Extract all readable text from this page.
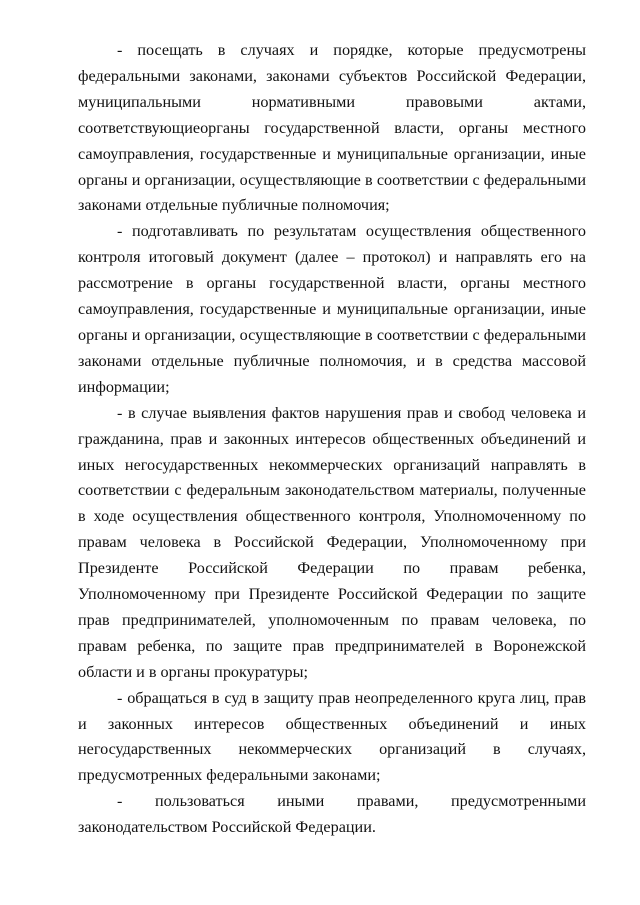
- посещать в случаях и порядке, которые предусмотрены федеральными законами, законами субъектов Российской Федерации, муниципальными нормативными правовыми актами, соответствующиеорганы государственной власти, органы местного самоуправления, государственные и муниципальные организации, иные органы и организации, осуществляющие в соответствии с федеральными законами отдельные публичные полномочия;

- подготавливать по результатам осуществления общественного контроля итоговый документ (далее – протокол) и направлять его на рассмотрение в органы государственной власти, органы местного самоуправления, государственные и муниципальные организации, иные органы и организации, осуществляющие в соответствии с федеральными законами отдельные публичные полномочия, и в средства массовой информации;

- в случае выявления фактов нарушения прав и свобод человека и гражданина, прав и законных интересов общественных объединений и иных негосударственных некоммерческих организаций направлять в соответствии с федеральным законодательством материалы, полученные в ходе осуществления общественного контроля, Уполномоченному по правам человека в Российской Федерации, Уполномоченному при Президенте Российской Федерации по правам ребенка, Уполномоченному при Президенте Российской Федерации по защите прав предпринимателей, уполномоченным по правам человека, по правам ребенка, по защите прав предпринимателей в Воронежской области и в органы прокуратуры;

- обращаться в суд в защиту прав неопределенного круга лиц, прав и законных интересов общественных объединений и иных негосударственных некоммерческих организаций в случаях, предусмотренных федеральными законами;

- пользоваться иными правами, предусмотренными законодательством Российской Федерации.
